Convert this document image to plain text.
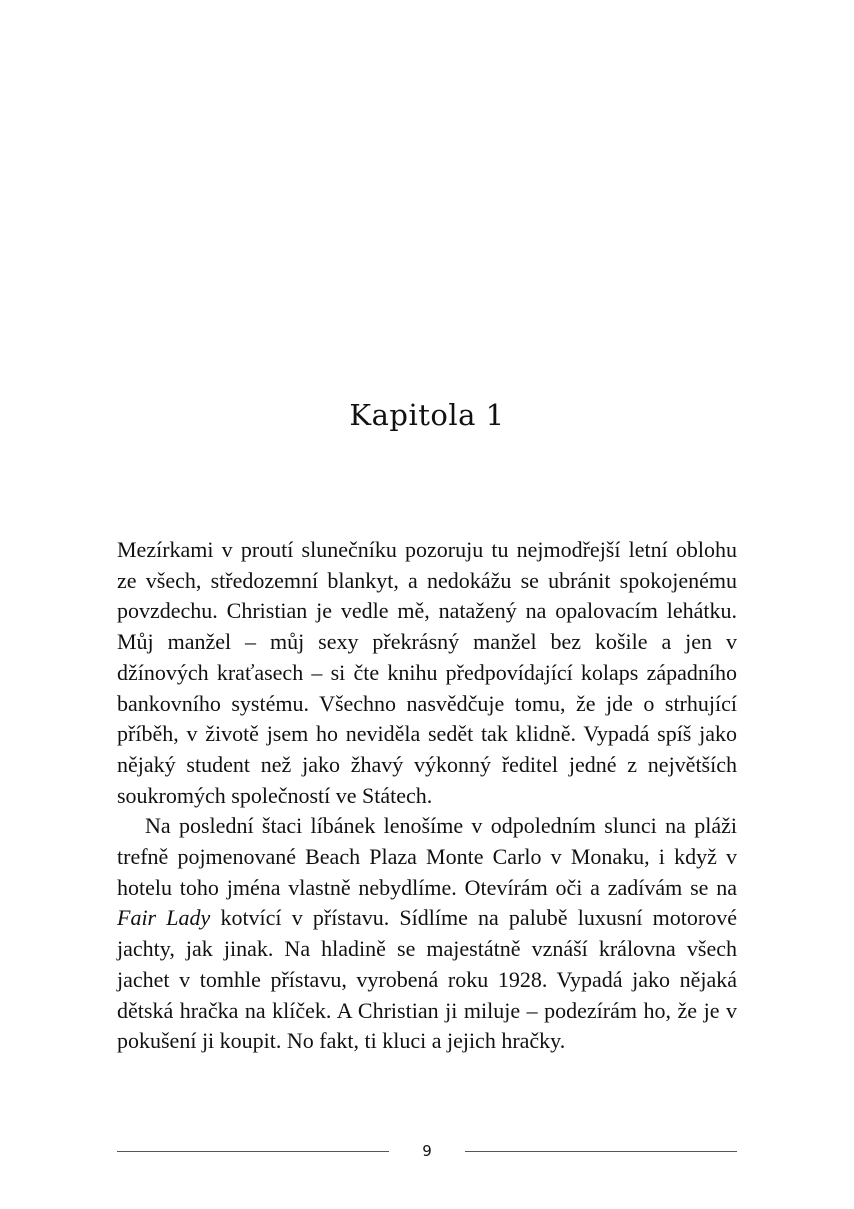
Kapitola 1

Mezírkami v proutí slunečníku pozoruju tu nejmodřejší letní oblohu ze všech, středozemní blankyt, a nedokážu se ubránit spokojenému povzdechu. Christian je vedle mě, natažený na opalovacím lehátku. Můj manžel – můj sexy překrásný manžel bez košile a jen v džínových kraťasech – si čte knihu předpovídající kolaps západního bankovního systému. Všechno nasvědčuje tomu, že jde o strhující příběh, v životě jsem ho neviděla sedět tak klidně. Vypadá spíš jako nějaký student než jako žhavý výkonný ředitel jedné z největších soukromých společností ve Státech.

Na poslední štaci líbánek lenošíme v odpoledním slunci na pláži trefně pojmenované Beach Plaza Monte Carlo v Monaku, i když v hotelu toho jména vlastně nebydlíme. Otevírám oči a zadívám se na Fair Lady kotvící v přístavu. Sídlíme na palubě luxusní motorové jachty, jak jinak. Na hladině se majestátně vznáší královna všech jachet v tomhle přístavu, vyrobená roku 1928. Vypadá jako nějaká dětská hračka na klíček. A Christian ji miluje – podezírám ho, že je v pokušení ji koupit. No fakt, ti kluci a jejich hračky.

9
